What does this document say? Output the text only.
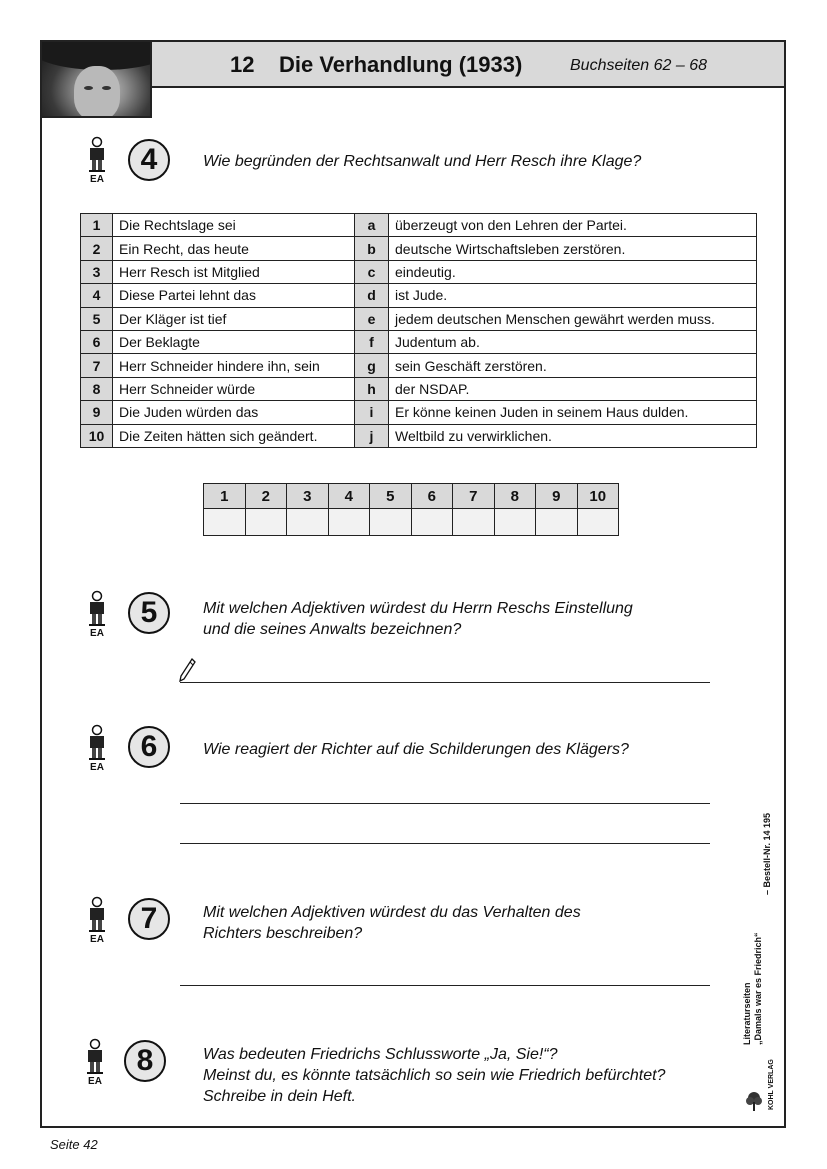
12 Die Verhandlung (1933)	Buchseiten 62 – 68
EA
4	Wie begründen der Rechtsanwalt und Herr Resch ihre Klage?
1	Die Rechtslage sei	a	überzeugt von den Lehren der Partei.
2	Ein Recht, das heute	b	deutsche Wirtschaftsleben zerstören.
3	Herr Resch ist Mitglied	c	eindeutig.
4	Diese Partei lehnt das	d	ist Jude.
5	Der Kläger ist tief	e	jedem deutschen Menschen gewährt werden muss.
6	Der Beklagte	f	Judentum ab.
7	Herr Schneider hindere ihn, sein	g	sein Geschäft zerstören.
8	Herr Schneider würde	h	der NSDAP.
9	Die Juden würden das	i	Er könne keinen Juden in seinem Haus dulden.
10	Die Zeiten hätten sich geändert.	j	Weltbild zu verwirklichen.
1	2	3	4	5	6	7	8	9	10

EA
5	Mit welchen Adjektiven würdest du Herrn Reschs Einstellung
und die seines Anwalts bezeichnen?
EA
6	Wie reagiert der Richter auf die Schilderungen des Klägers?
EA
7	Mit welchen Adjektiven würdest du das Verhalten des
Richters beschreiben?
EA
8	Was bedeuten Friedrichs Schlussworte „Ja, Sie!“?
Meinst du, es könnte tatsächlich so sein wie Friedrich befürchtet?
Schreibe in dein Heft.
Literaturseiten „Damals war es Friedrich“
– Bestell-Nr. 14 195
KOHL VERLAG
Seite 42
